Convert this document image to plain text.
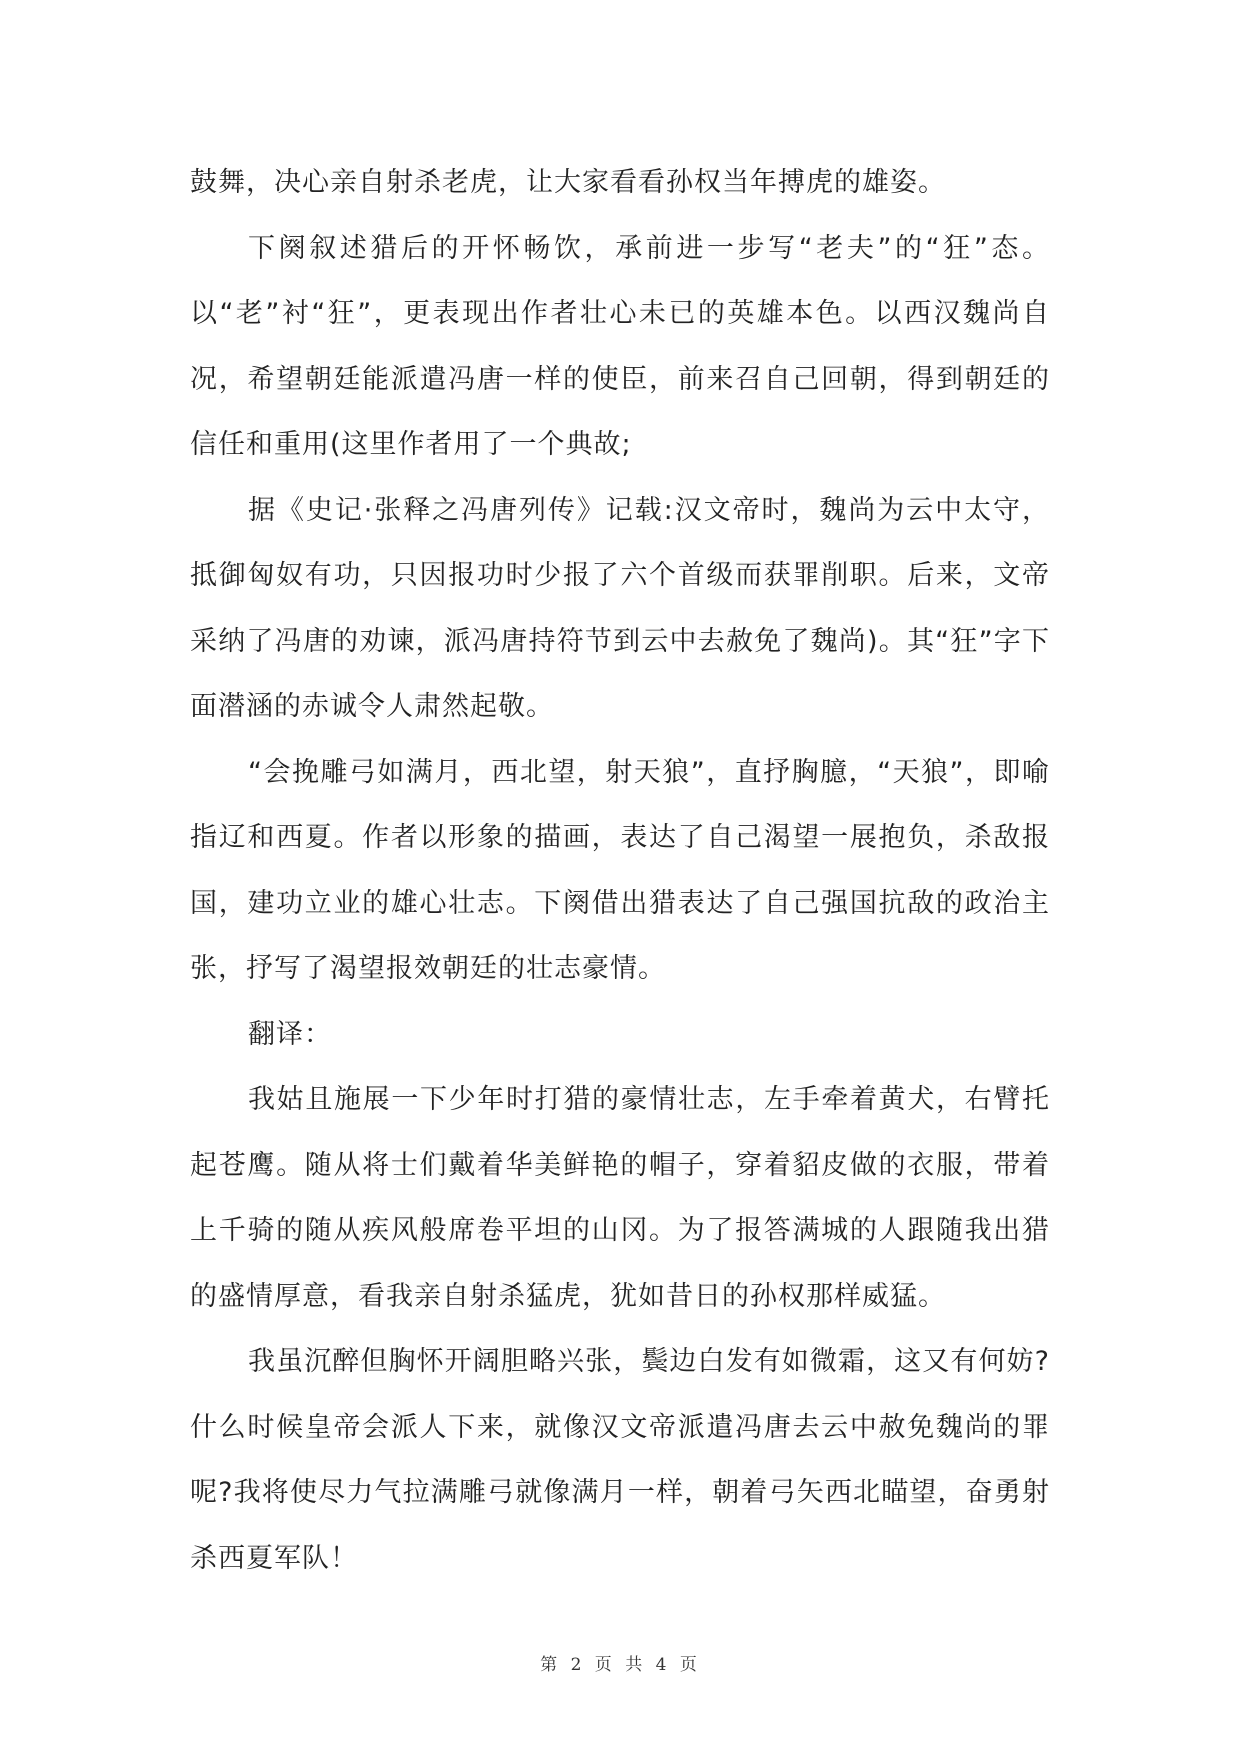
鼓舞，决心亲自射杀老虎，让大家看看孙权当年搏虎的雄姿。

下阕叙述猎后的开怀畅饮，承前进一步写“老夫”的“狂”态。以“老”衬“狂”，更表现出作者壮心未已的英雄本色。以西汉魏尚自况，希望朝廷能派遣冯唐一样的使臣，前来召自己回朝，得到朝廷的信任和重用(这里作者用了一个典故;

据《史记·张释之冯唐列传》记载:汉文帝时，魏尚为云中太守，抵御匈奴有功，只因报功时少报了六个首级而获罪削职。后来，文帝采纳了冯唐的劝谏，派冯唐持符节到云中去赦免了魏尚)。其“狂”字下面潜涵的赤诚令人肃然起敬。

“会挽雕弓如满月，西北望，射天狼”，直抒胸臆，“天狼”，即喻指辽和西夏。作者以形象的描画，表达了自己渴望一展抱负，杀敌报国，建功立业的雄心壮志。下阕借出猎表达了自己强国抗敌的政治主张，抒写了渴望报效朝廷的壮志豪情。

翻译：

我姑且施展一下少年时打猎的豪情壮志，左手牵着黄犬，右臂托起苍鹰。随从将士们戴着华美鲜艳的帽子，穿着貂皮做的衣服，带着上千骑的随从疾风般席卷平坦的山冈。为了报答满城的人跟随我出猎的盛情厚意，看我亲自射杀猛虎，犹如昔日的孙权那样威猛。

我虽沉醉但胸怀开阔胆略兴张，鬓边白发有如微霜，这又有何妨?什么时候皇帝会派人下来，就像汉文帝派遣冯唐去云中赦免魏尚的罪呢?我将使尽力气拉满雕弓就像满月一样，朝着弓矢西北瞄望，奋勇射杀西夏军队！

第 2 页 共 4 页
